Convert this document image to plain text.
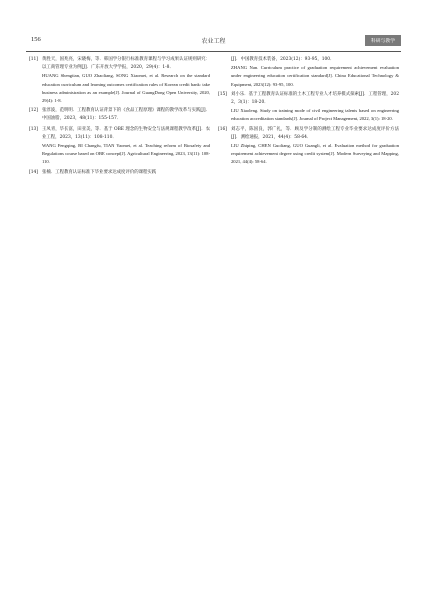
156	农业工程	科研与教学
[11] 黄胜天，国兆亮，宋晓梅，等．韩国学分银行标准教育课程与学习成果认证规则研究：以工商管理专业为例[J]．广东开放大学学报，2020，29(4)：1-8．
HUANG Shengtian, GUO Zhaoliang, SONG Xiaomei, et al. Research on the standard education curriculum and learning outcomes certification rules of Korean credit bank: take business administration as an example[J]. Journal of GuangDong Open University, 2020, 29(4): 1-8.
[12] 张淳波，范明明．工程教育认证背景下的《食品工程原理》课程的教学改革与实践[J]．中国油脂，2023，48(11)：155-157．
[13] 王凤青，毕长富，田亚美，等．基于 OBE 理念的生物安全与法规课程教学改革[J]．农业工程，2023，13(11)：108-110．
WANG Fengqing, BI Changfu, TIAN Yaomei, et al. Teaching reform of Biosafety and Regulations course based on OBE concept[J]. Agricultural Engineering, 2023, 13(11): 108-110.
[14] 张楠．工程教育认证标准下毕业要求达成度评价的课程实践
[J]．中国教育技术装备，2023(12)：93-95，100．
ZHANG Nan. Curriculum practice of graduation requirement achievement evaluation under engineering education certification standard[J]. China Educational Technology & Equipment, 2023(12): 93-95, 100.
[15] 刘小乐．基于工程教育认证标准的土木工程专业人才培养模式探索[J]．工程管理，2022，3(1)：18-20．
LIU Xiaoleng. Study on training mode of civil engineering talents based on engineering education accreditation standards[J]. Journal of Project Management, 2022, 3(1): 18-20.
[16] 刘志平，陈国良，郭广礼，等．顾及学分制的测绘工程专业毕业要求达成度评价方法[J]．测绘通报，2021，44(4)：58-64．
LIU Zhiping, CHEN Guoliang, GUO Guangli, et al. Evaluation method for graduation requirement achievement degree using credit system[J]. Modern Surveying and Mapping, 2021, 44(4): 58-64.
